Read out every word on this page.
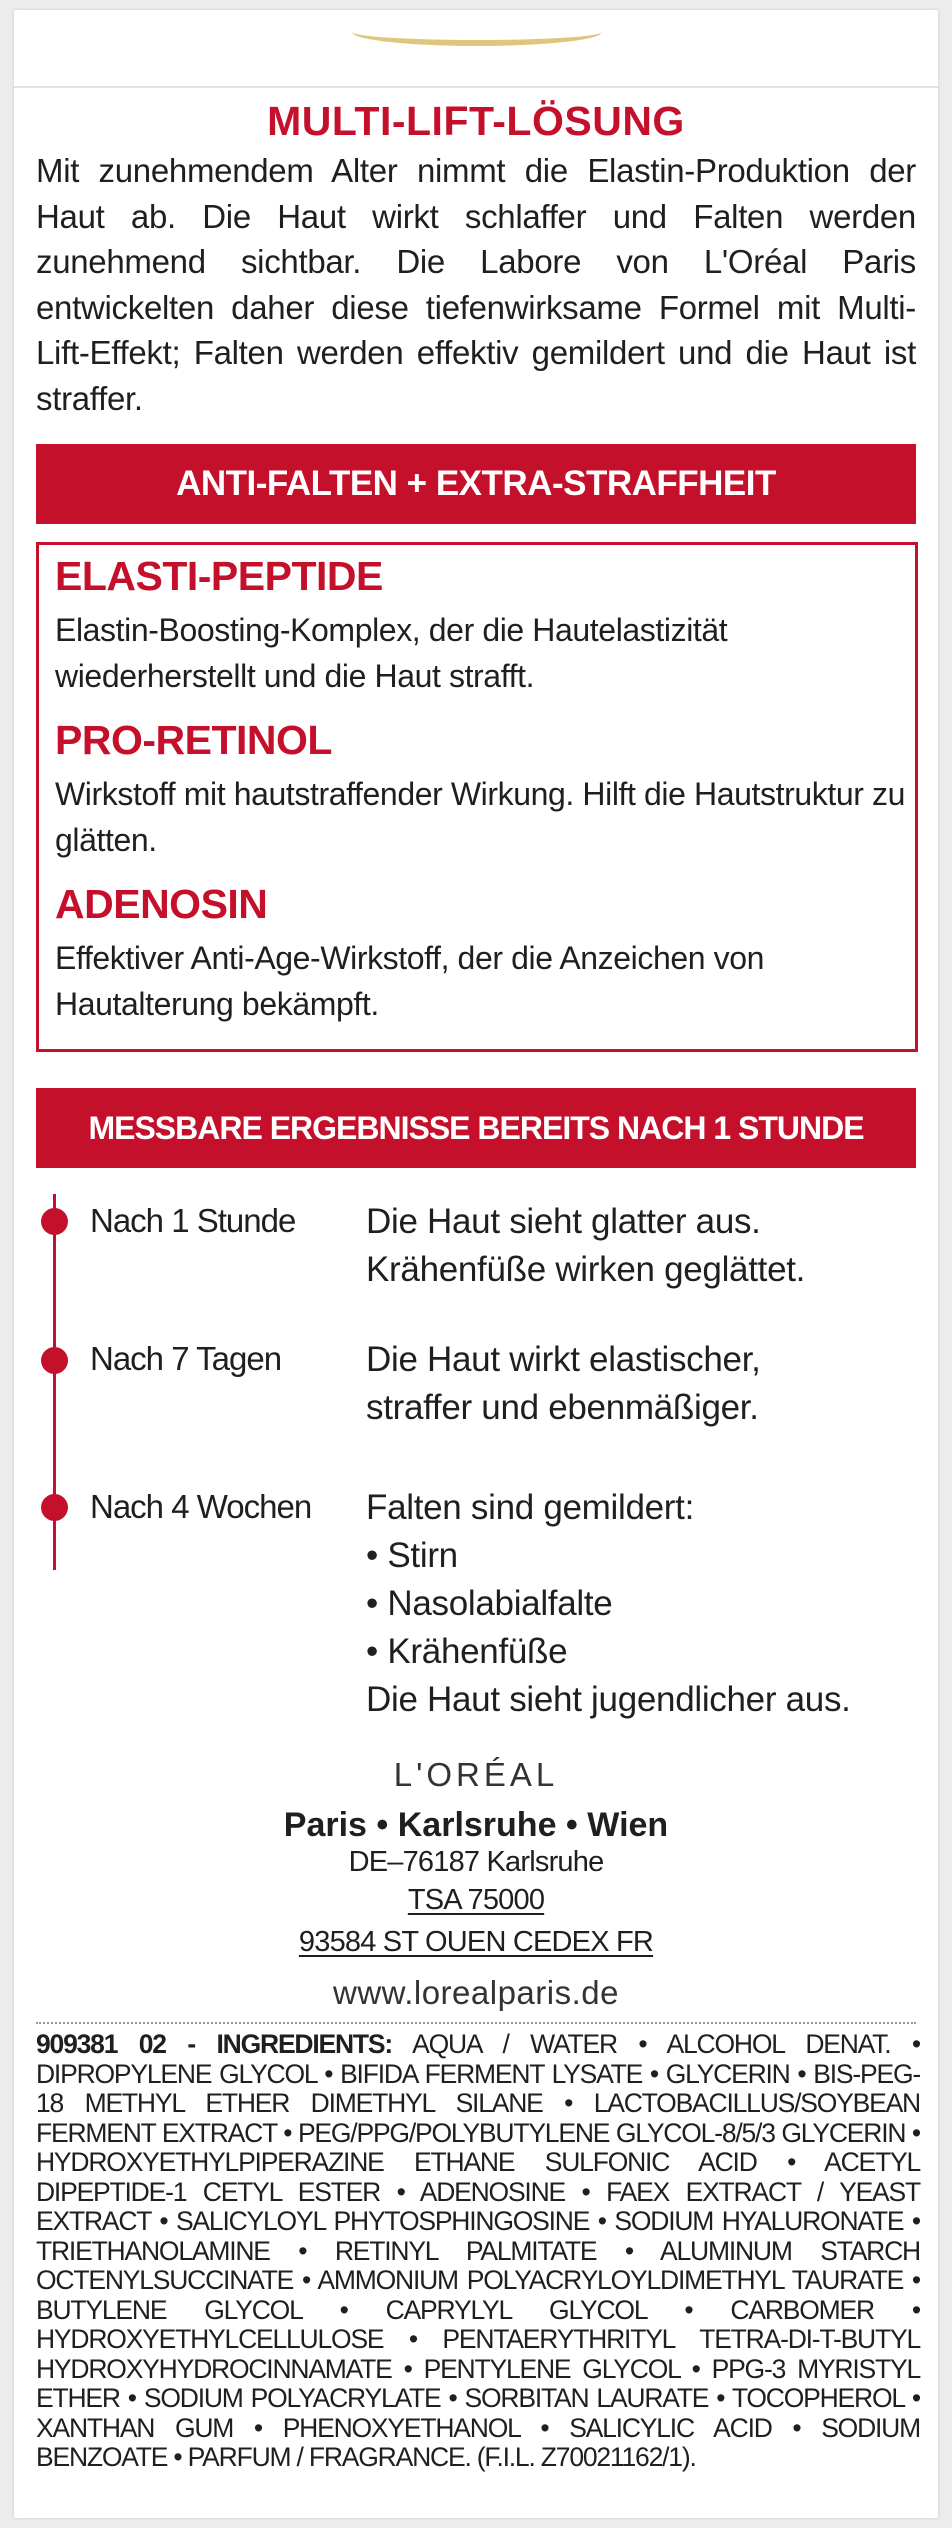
MULTI-LIFT-LÖSUNG
Mit zunehmendem Alter nimmt die Elastin-Produktion der Haut ab. Die Haut wirkt schlaffer und Falten werden zunehmend sichtbar. Die Labore von L'Oréal Paris entwickelten daher diese tiefenwirksame Formel mit Multi-Lift-Effekt; Falten werden effektiv gemildert und die Haut ist straffer.
ANTI-FALTEN + EXTRA-STRAFFHEIT
ELASTI-PEPTIDE
Elastin-Boosting-Komplex, der die Hautelastizität wiederherstellt und die Haut strafft.
PRO-RETINOL
Wirkstoff mit hautstraffender Wirkung. Hilft die Hautstruktur zu glätten.
ADENOSIN
Effektiver Anti-Age-Wirkstoff, der die Anzeichen von Hautalterung bekämpft.
MESSBARE ERGEBNISSE BEREITS NACH 1 STUNDE
Nach 1 Stunde Die Haut sieht glatter aus.
Krähenfüße wirken geglättet.
Nach 7 Tagen Die Haut wirkt elastischer,
straffer und ebenmäßiger.
Nach 4 Wochen Falten sind gemildert:
• Stirn
• Nasolabialfalte
• Krähenfüße
Die Haut sieht jugendlicher aus.
L'ORÉAL
Paris • Karlsruhe • Wien
DE–76187 Karlsruhe
TSA 75000
93584 ST OUEN CEDEX FR
www.lorealparis.de
909381 02 - INGREDIENTS: AQUA / WATER • ALCOHOL DENAT. • DIPROPYLENE GLYCOL • BIFIDA FERMENT LYSATE • GLYCERIN • BIS-PEG-18 METHYL ETHER DIMETHYL SILANE • LACTOBACILLUS/SOYBEAN FERMENT EXTRACT • PEG/PPG/POLYBUTYLENE GLYCOL-8/5/3 GLYCERIN • HYDROXYETHYLPIPERAZINE ETHANE SULFONIC ACID • ACETYL DIPEPTIDE-1 CETYL ESTER • ADENOSINE • FAEX EXTRACT / YEAST EXTRACT • SALICYLOYL PHYTOSPHINGOSINE • SODIUM HYALURONATE • TRIETHANOLAMINE • RETINYL PALMITATE • ALUMINUM STARCH OCTENYLSUCCINATE • AMMONIUM POLYACRYLOYLDIMETHYL TAURATE • BUTYLENE GLYCOL • CAPRYLYL GLYCOL • CARBOMER • HYDROXYETHYLCELLULOSE • PENTAERYTHRITYL TETRA-DI-T-BUTYL HYDROXYHYDROCINNAMATE • PENTYLENE GLYCOL • PPG-3 MYRISTYL ETHER • SODIUM POLYACRYLATE • SORBITAN LAURATE • TOCOPHEROL • XANTHAN GUM • PHENOXYETHANOL • SALICYLIC ACID • SODIUM BENZOATE • PARFUM / FRAGRANCE. (F.I.L. Z70021162/1).
